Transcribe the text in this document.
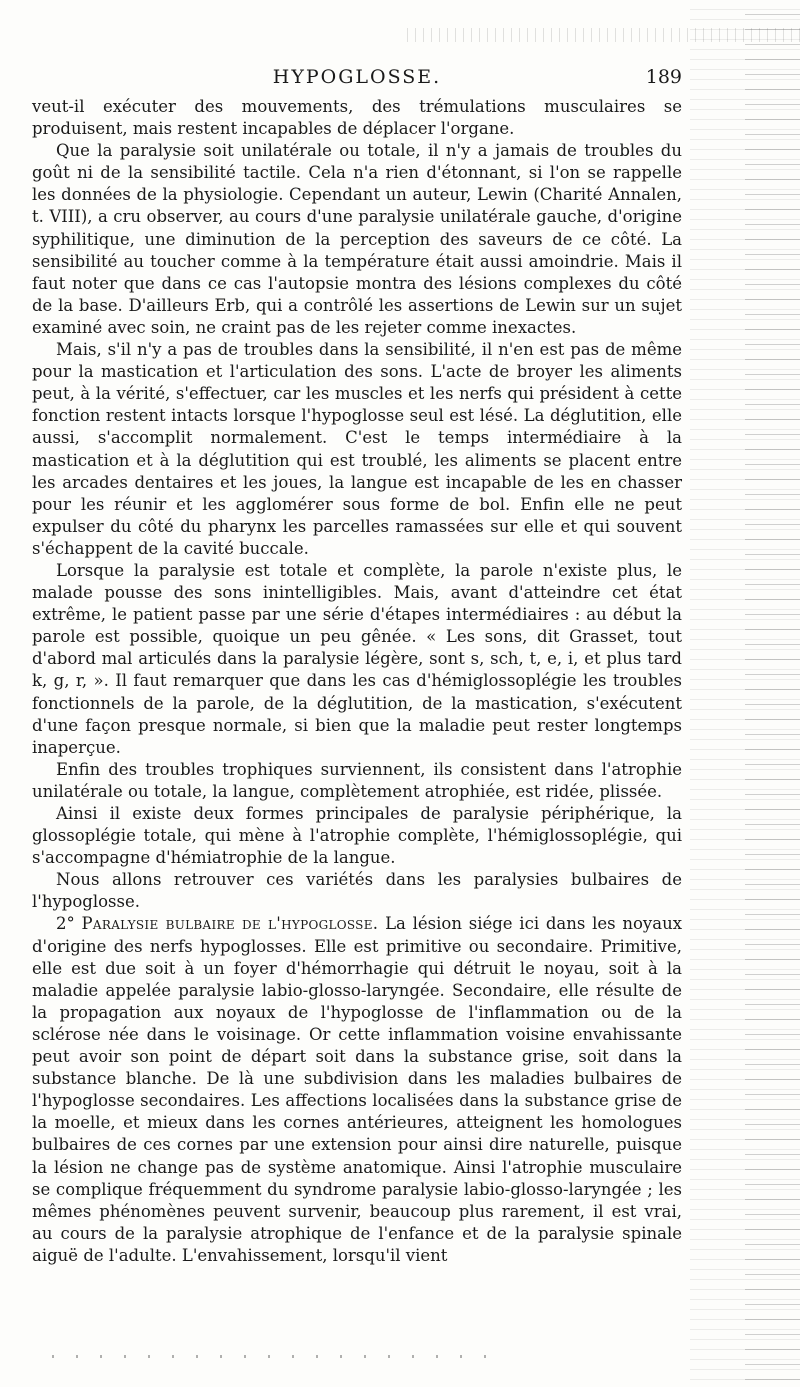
HYPOGLOSSE.	189

veut-il exécuter des mouvements, des trémulations musculaires se produisent, mais restent incapables de déplacer l'organe.

Que la paralysie soit unilatérale ou totale, il n'y a jamais de troubles du goût ni de la sensibilité tactile. Cela n'a rien d'étonnant, si l'on se rappelle les données de la physiologie. Cependant un auteur, Lewin (Charité Annalen, t. VIII), a cru observer, au cours d'une paralysie unilatérale gauche, d'origine syphilitique, une diminution de la perception des saveurs de ce côté. La sensibilité au toucher comme à la température était aussi amoindrie. Mais il faut noter que dans ce cas l'autopsie montra des lésions complexes du côté de la base. D'ailleurs Erb, qui a contrôlé les assertions de Lewin sur un sujet examiné avec soin, ne craint pas de les rejeter comme inexactes.

Mais, s'il n'y a pas de troubles dans la sensibilité, il n'en est pas de même pour la mastication et l'articulation des sons. L'acte de broyer les aliments peut, à la vérité, s'effectuer, car les muscles et les nerfs qui président à cette fonction restent intacts lorsque l'hypoglosse seul est lésé. La déglutition, elle aussi, s'accomplit normalement. C'est le temps intermédiaire à la mastication et à la déglutition qui est troublé, les aliments se placent entre les arcades dentaires et les joues, la langue est incapable de les en chasser pour les réunir et les agglomérer sous forme de bol. Enfin elle ne peut expulser du côté du pharynx les parcelles ramassées sur elle et qui souvent s'échappent de la cavité buccale.

Lorsque la paralysie est totale et complète, la parole n'existe plus, le malade pousse des sons inintelligibles. Mais, avant d'atteindre cet état extrême, le patient passe par une série d'étapes intermédiaires : au début la parole est possible, quoique un peu gênée. « Les sons, dit Grasset, tout d'abord mal articulés dans la paralysie légère, sont s, sch, t, e, i, et plus tard k, g, r, ». Il faut remarquer que dans les cas d'hémiglossoplégie les troubles fonctionnels de la parole, de la déglutition, de la mastication, s'exécutent d'une façon presque normale, si bien que la maladie peut rester longtemps inaperçue.

Enfin des troubles trophiques surviennent, ils consistent dans l'atrophie unilatérale ou totale, la langue, complètement atrophiée, est ridée, plissée.

Ainsi il existe deux formes principales de paralysie périphérique, la glossoplégie totale, qui mène à l'atrophie complète, l'hémiglossoplégie, qui s'accompagne d'hémiatrophie de la langue.

Nous allons retrouver ces variétés dans les paralysies bulbaires de l'hypoglosse.

2° Paralysie bulbaire de l'hypoglosse. La lésion siége ici dans les noyaux d'origine des nerfs hypoglosses. Elle est primitive ou secondaire. Primitive, elle est due soit à un foyer d'hémorrhagie qui détruit le noyau, soit à la maladie appelée paralysie labio-glosso-laryngée. Secondaire, elle résulte de la propagation aux noyaux de l'hypoglosse de l'inflammation ou de la sclérose née dans le voisinage. Or cette inflammation voisine envahissante peut avoir son point de départ soit dans la substance grise, soit dans la substance blanche. De là une subdivision dans les maladies bulbaires de l'hypoglosse secondaires. Les affections localisées dans la substance grise de la moelle, et mieux dans les cornes antérieures, atteignent les homologues bulbaires de ces cornes par une extension pour ainsi dire naturelle, puisque la lésion ne change pas de système anatomique. Ainsi l'atrophie musculaire se complique fréquemment du syndrome paralysie labio-glosso-laryngée ; les mêmes phénomènes peuvent survenir, beaucoup plus rarement, il est vrai, au cours de la paralysie atrophique de l'enfance et de la paralysie spinale aiguë de l'adulte. L'envahissement, lorsqu'il vient
